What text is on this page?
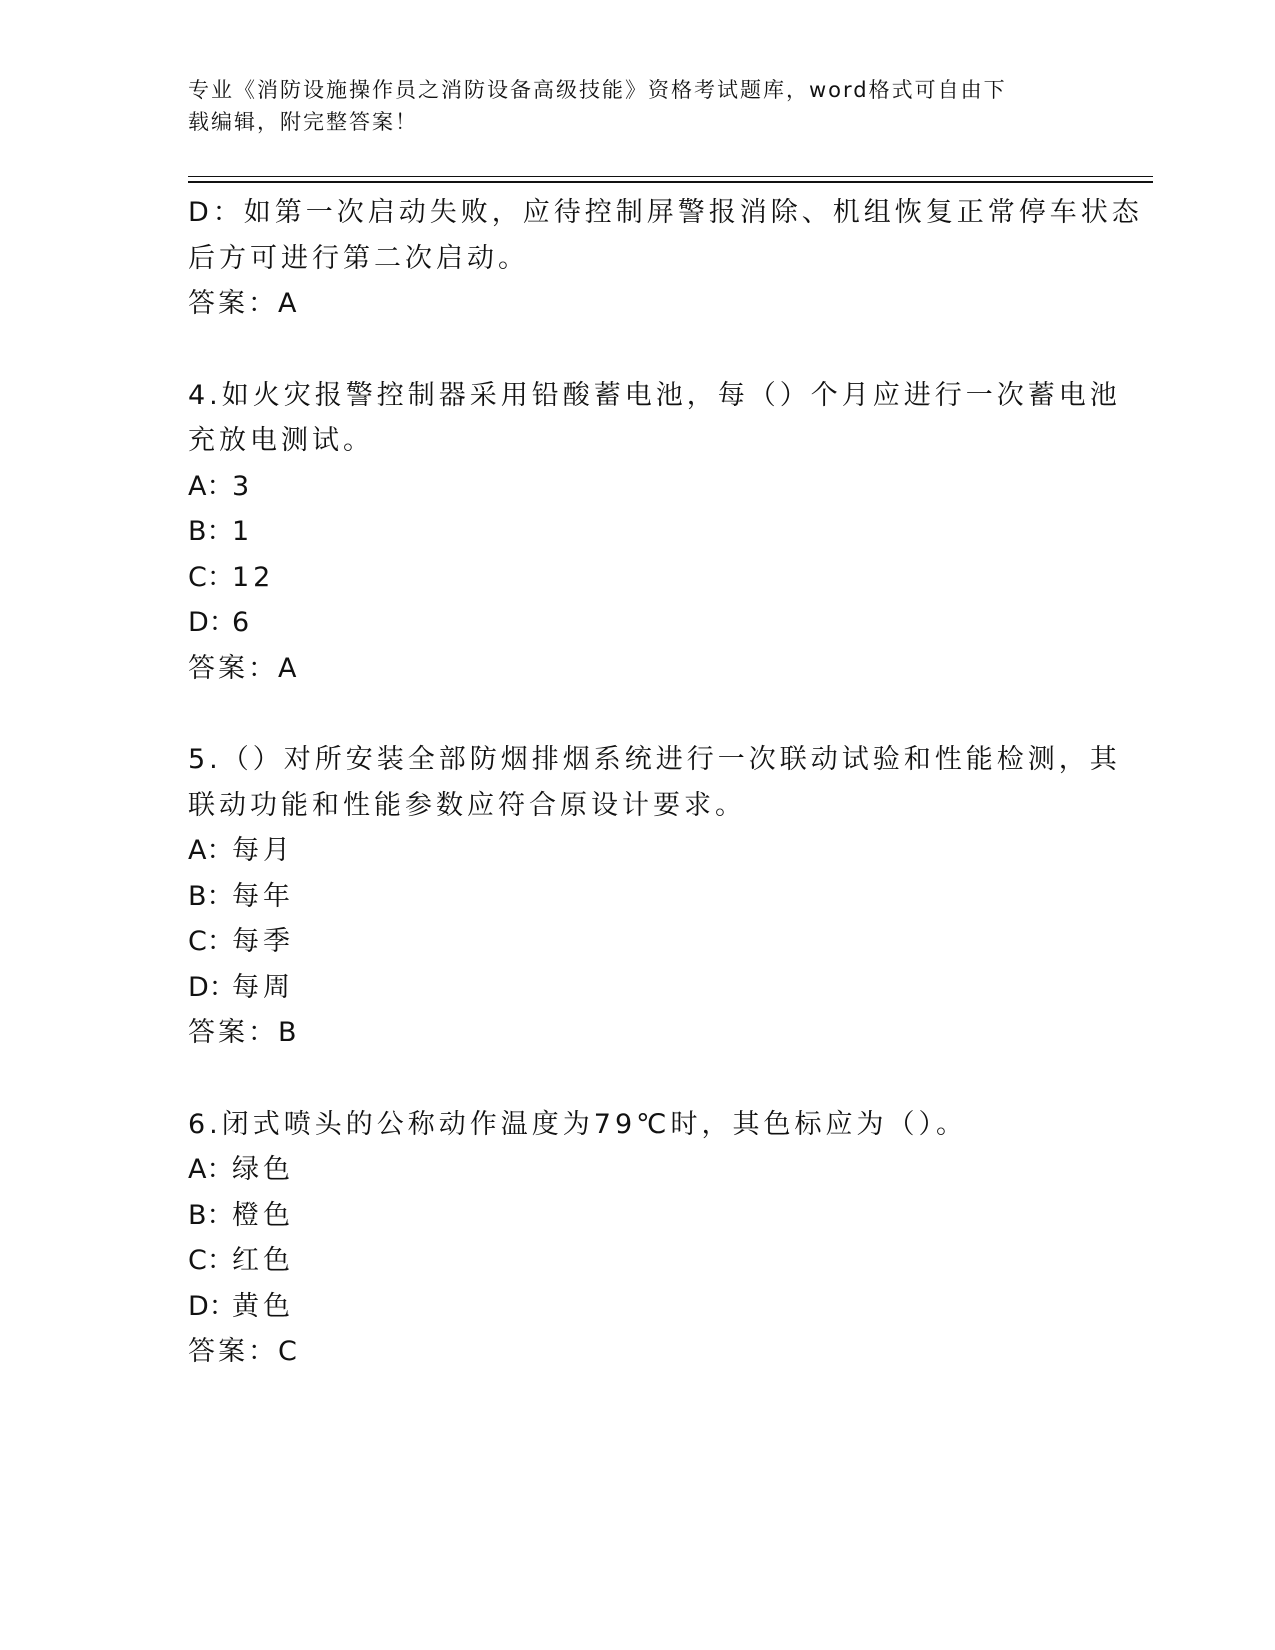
专业《消防设施操作员之消防设备高级技能》资格考试题库，word格式可自由下
载编辑，附完整答案！
D：如第一次启动失败，应待控制屏警报消除、机组恢复正常停车状态
后方可进行第二次启动。
答案：A
4.如火灾报警控制器采用铅酸蓄电池，每（）个月应进行一次蓄电池
充放电测试。
A：3
B：1
C：12
D：6
答案：A
5.（）对所安装全部防烟排烟系统进行一次联动试验和性能检测，其
联动功能和性能参数应符合原设计要求。
A：每月
B：每年
C：每季
D：每周
答案：B
6.闭式喷头的公称动作温度为79℃时，其色标应为（）。
A：绿色
B：橙色
C：红色
D：黄色
答案：C
